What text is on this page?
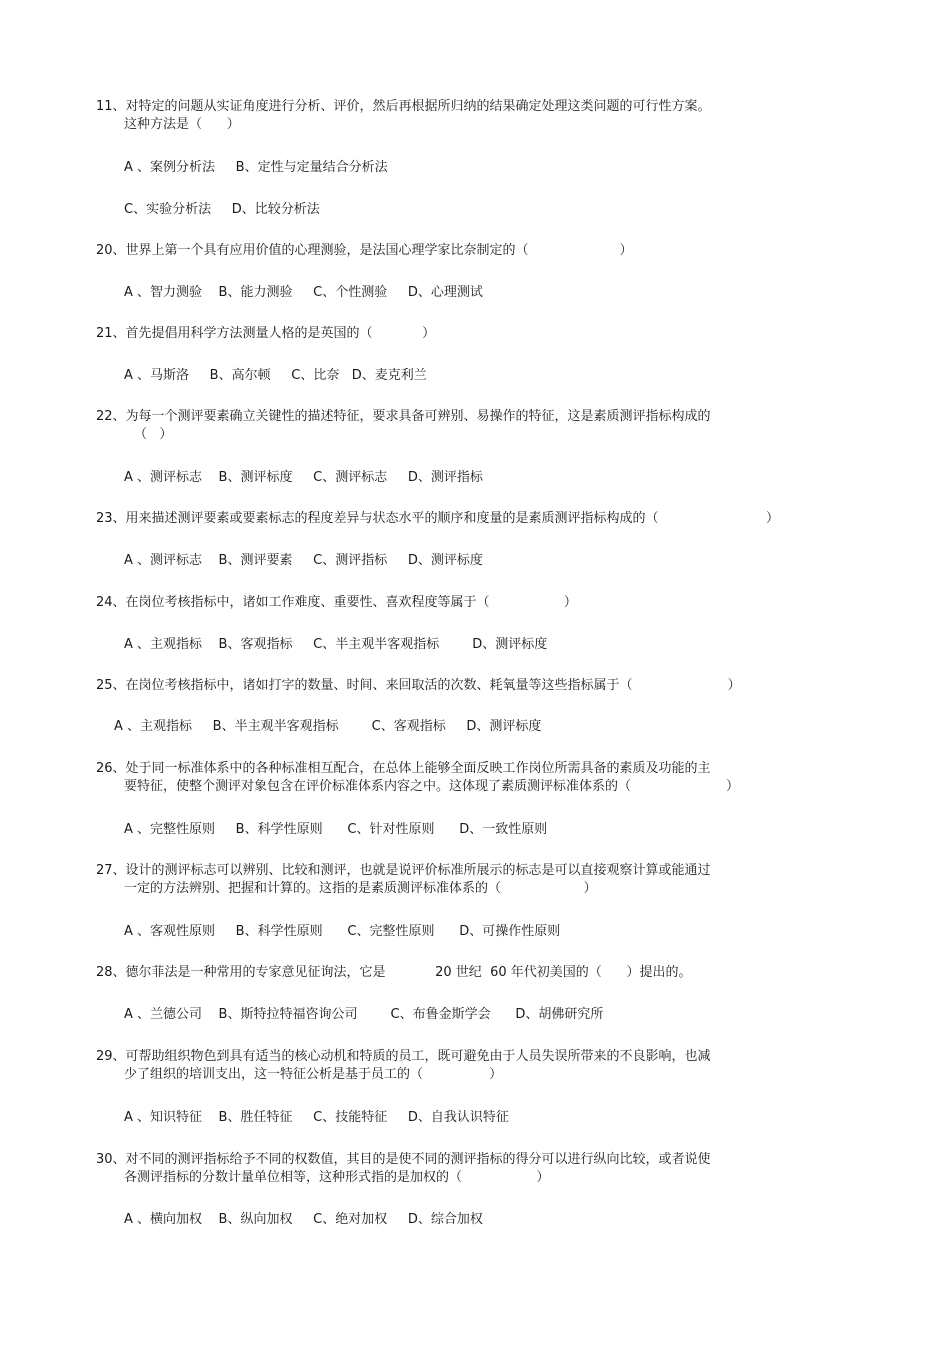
11、对特定的问题从实证角度进行分析、评价，然后再根据所归纳的结果确定处理这类问题的可行性方案。

这种方法是（      ）

A 、案例分析法     B、定性与定量结合分析法

C、实验分析法     D、比较分析法

20、世界上第一个具有应用价值的心理测验，是法国心理学家比奈制定的（                      ）

A 、智力测验    B、能力测验     C、个性测验     D、心理测试

21、首先提倡用科学方法测量人格的是英国的（            ）

A 、马斯洛     B、高尔顿     C、比奈   D、麦克利兰

22、为每一个测评要素确立关键性的描述特征，要求具备可辨别、易操作的特征，这是素质测评指标构成的

（   ）

A 、测评标志    B、测评标度     C、测评标志     D、测评指标

23、用来描述测评要素或要素标志的程度差异与状态水平的顺序和度量的是素质测评指标构成的（                          ）

A 、测评标志    B、测评要素     C、测评指标     D、测评标度

24、在岗位考核指标中，诸如工作难度、重要性、喜欢程度等属于（                  ）

A 、主观指标    B、客观指标     C、半主观半客观指标        D、测评标度

25、在岗位考核指标中，诸如打字的数量、时间、来回取活的次数、耗氧量等这些指标属于（                       ）

A 、主观指标     B、半主观半客观指标        C、客观指标     D、测评标度

26、处于同一标准体系中的各种标准相互配合，在总体上能够全面反映工作岗位所需具备的素质及功能的主

要特征，使整个测评对象包含在评价标准体系内容之中。这体现了素质测评标准体系的（                       ）

A 、完整性原则     B、科学性原则      C、针对性原则      D、一致性原则

27、设计的测评标志可以辨别、比较和测评，也就是说评价标准所展示的标志是可以直接观察计算或能通过

一定的方法辨别、把握和计算的。这指的是素质测评标准体系的（                    ）

A 、客观性原则     B、科学性原则      C、完整性原则      D、可操作性原则

28、德尔菲法是一种常用的专家意见征询法，它是            20 世纪  60 年代初美国的（      ）提出的。

A 、兰德公司    B、斯特拉特福咨询公司        C、布鲁金斯学会      D、胡佛研究所

29、可帮助组织物色到具有适当的核心动机和特质的员工，既可避免由于人员失误所带来的不良影响，也减

少了组织的培训支出，这一特征公析是基于员工的（                ）

A 、知识特征    B、胜任特征     C、技能特征     D、自我认识特征

30、对不同的测评指标给予不同的权数值，其目的是使不同的测评指标的得分可以进行纵向比较，或者说使

各测评指标的分数计量单位相等，这种形式指的是加权的（                  ）

A 、横向加权    B、纵向加权     C、绝对加权     D、综合加权
